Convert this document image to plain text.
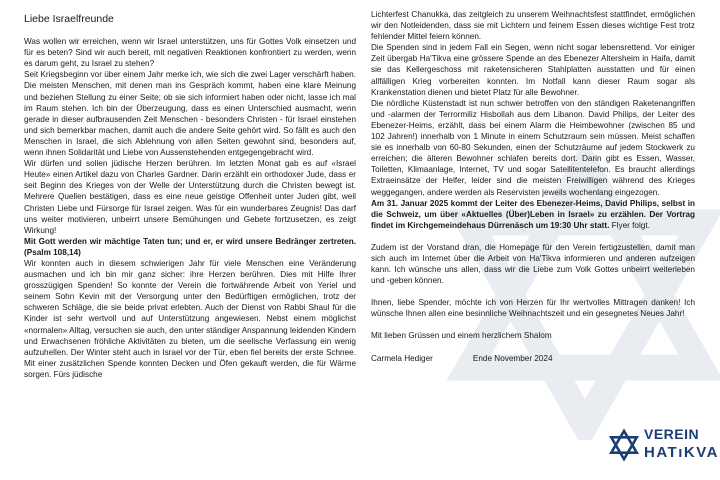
Liebe Israelfreunde

Was wollen wir erreichen, wenn wir Israel unterstützen, uns für Gottes Volk einsetzen und für es beten? Sind wir auch bereit, mit negativen Reaktionen konfrontiert zu werden, wenn es darum geht, zu Israel zu stehen?

Seit Kriegsbeginn vor über einem Jahr merke ich, wie sich die zwei Lager verschärft haben. Die meisten Menschen, mit denen man ins Gespräch kommt, haben eine klare Meinung und beziehen Stellung zu einer Seite; ob sie sich informiert haben oder nicht, lasse ich mal im Raum stehen. Ich bin der Überzeugung, dass es einen Unterschied ausmacht, wenn gerade in dieser aufbrausenden Zeit Menschen - besonders Christen - für Israel einstehen und sich bemerkbar machen, damit auch die andere Seite gehört wird. So fällt es auch den Menschen in Israel, die sich Ablehnung von allen Seiten gewohnt sind, besonders auf, wenn ihnen Solidarität und Liebe von Aussenstehenden entgegengebracht wird.

Wir dürfen und sollen jüdische Herzen berühren. Im letzten Monat gab es auf «Israel Heute» einen Artikel dazu von Charles Gardner. Darin erzählt ein orthodoxer Jude, dass er seit Beginn des Krieges von der Welle der Unterstützung durch die Christen bewegt ist. Mehrere Quellen bestätigen, dass es eine neue geistige Offenheit unter Juden gibt, weil Christen Liebe und Fürsorge für Israel zeigen. Was für ein wunderbares Zeugnis! Das darf uns weiter motivieren, unbeirrt unsere Bemühungen und Gebete fortzusetzen, es zeigt Wirkung!

Mit Gott werden wir mächtige Taten tun; und er, er wird unsere Bedränger zertreten. (Psalm 108,14)

Wir konnten auch in diesem schwierigen Jahr für viele Menschen eine Veränderung ausmachen und ich bin mir ganz sicher: ihre Herzen berühren. Dies mit Hilfe Ihrer grosszügigen Spenden! So konnte der Verein die fortwährende Arbeit von Yeriel und seinem Sohn Kevin mit der Versorgung unter den Bedürftigen ermöglichen, trotz der schweren Schläge, die sie beide privat erlebten. Auch der Dienst von Rabbi Shaul für die Kinder ist sehr wertvoll und auf Unterstützung angewiesen. Nebst einem möglichst «normalen» Alltag, versuchen sie auch, den unter ständiger Anspannung leidenden Kindern und Erwachsenen fröhliche Aktivitäten zu bieten, um die seelische Verfassung ein wenig aufzuhellen. Der Winter steht auch in Israel vor der Tür, eben fiel bereits der erste Schnee. Mit einer zusätzlichen Spende konnten Decken und Öfen gekauft werden, die für Wärme sorgen. Fürs jüdische

Lichterfest Chanukka, das zeitgleich zu unserem Weihnachtsfest stattfindet, ermöglichen wir den Notleidenden, dass sie mit Lichtern und feinem Essen dieses wichtige Fest trotz fehlender Mittel feiern können.

Die Spenden sind in jedem Fall ein Segen, wenn nicht sogar lebensrettend. Vor einiger Zeit übergab Ha'Tikva eine grössere Spende an des Ebenezer Altersheim in Haifa, damit sie das Kellergeschoss mit raketensicheren Stahlplatten ausstatten und für einen allfälligen Krieg vorbereiten konnten. Im Notfall kann dieser Raum sogar als Krankenstation dienen und bietet Platz für alle Bewohner.

Die nördliche Küstenstadt ist nun schwer betroffen von den ständigen Raketenangriffen und -alarmen der Terrormiliz Hisbollah aus dem Libanon. David Philips, der Leiter des Ebenezer-Heims, erzählt, dass bei einem Alarm die Heimbewohner (zwischen 85 und 102 Jahren!) innerhalb von 1 Minute in einem Schutzraum sein müssen. Meist schaffen sie es innerhalb von 60-80 Sekunden, einen der Schutzräume auf jedem Stockwerk zu erreichen; die älteren Bewohner schlafen bereits dort. Darin gibt es Essen, Wasser, Toiletten, Klimaanlage, Internet, TV und sogar Satellitentelefon. Es braucht allerdings Extraeinsätze der Helfer, leider sind die meisten Freiwilligen während des Krieges weggegangen, andere werden als Reservisten jeweils wochenlang eingezogen.

Am 31. Januar 2025 kommt der Leiter des Ebenezer-Heims, David Philips, selbst in die Schweiz, um über «Aktuelles (Über)Leben in Israel» zu erzählen. Der Vortrag findet im Kirchgemeindehaus Dürrenäsch um 19:30 Uhr statt. Flyer folgt.

Zudem ist der Vorstand dran, die Homepage für den Verein fertigzustellen, damit man sich auch im Internet über die Arbeit von Ha'Tikva informieren und anderen aufzeigen kann. Ich wünsche uns allen, dass wir die Liebe zum Volk Gottes unbeirrt weiterleben und -geben können.

Ihnen, liebe Spender, möchte ich von Herzen für Ihr wertvolles Mittragen danken! Ich wünsche Ihnen allen eine besinnliche Weihnachtszeit und ein gesegnetes Neues Jahr!

Mit lieben Grüssen und einem herzlichem Shalom

Carmela Hediger	Ende November 2024
VEREIN
HATıKVA
